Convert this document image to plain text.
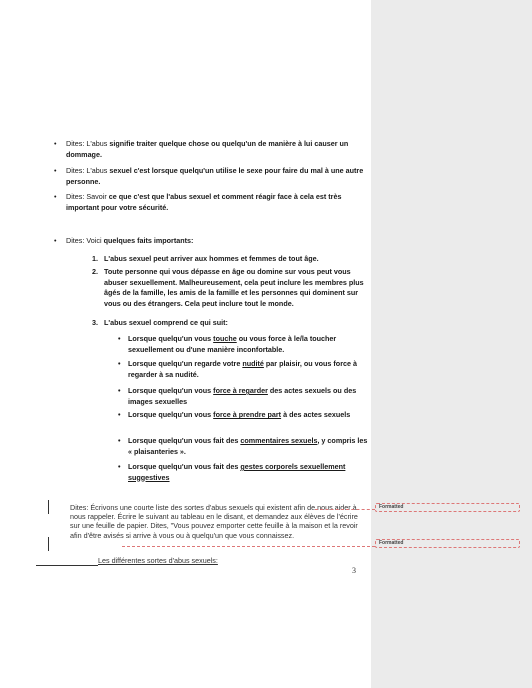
• Dites: L'abus signifie traiter quelque chose ou quelqu'un de manière à lui causer un dommage.
• Dites: L'abus sexuel c'est lorsque quelqu'un utilise le sexe pour faire du mal à une autre personne.
• Dites: Savoir ce que c'est que l'abus sexuel et comment réagir face à cela est très important pour votre sécurité.
• Dites: Voici quelques faits importants:
1. L'abus sexuel peut arriver aux hommes et femmes de tout âge.
2. Toute personne qui vous dépasse en âge ou domine sur vous peut vous abuser sexuellement. Malheureusement, cela peut inclure les membres plus âgés de la famille, les amis de la famille et les personnes qui dominent sur vous ou des étrangers. Cela peut inclure tout le monde.
3. L'abus sexuel comprend ce qui suit:
• Lorsque quelqu'un vous touche ou vous force à le/la toucher sexuellement ou d'une manière inconfortable.
• Lorsque quelqu'un regarde votre nudité par plaisir, ou vous force à regarder à sa nudité.
• Lorsque quelqu'un vous force à regarder des actes sexuels ou des images sexuelles
• Lorsque quelqu'un vous force à prendre part à des actes sexuels
• Lorsque quelqu'un vous fait des commentaires sexuels, y compris les « plaisanteries ».
• Lorsque quelqu'un vous fait des gestes corporels sexuellement suggestives
Dites: Écrivons une courte liste des sortes d'abus sexuels qui existent afin de nous aider à nous rappeler. Écrire le suivant au tableau en le disant, et demandez aux élèves de l'écrire sur une feuille de papier. Dites, "Vous pouvez emporter cette feuille à la maison et la revoir afin d'être avisés si arrive à vous ou à quelqu'un que vous connaissez.
Formatted
Formatted
Les différentes sortes d'abus sexuels:
3
